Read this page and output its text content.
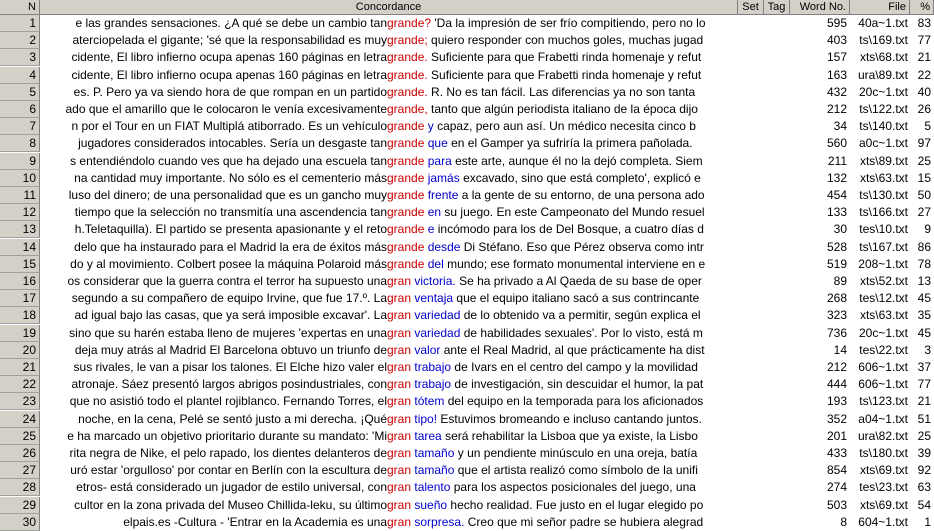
N	Concordance	Set Tag	Word No.	File	%
1	e las grandes sensaciones. ¿A qué se debe un cambio tan grande? 'Da la impresión de ser frío compitiendo, pero no lo	595 40a~1.txt 83
2	aterciopelada el gigante; 'sé que la responsabilidad es muy grande; quiero responder con muchos goles, muchas jugad	403	ts\169.txt 77
3	cidente, El libro infierno ocupa apenas 160 páginas en letra grande. Suficiente para que Frabetti rinda homenaje y refut	157	xts\68.txt 21
4	cidente, El libro infierno ocupa apenas 160 páginas en letra grande. Suficiente para que Frabetti rinda homenaje y refut	163 ura\89.txt 22
5	es. P. Pero ya va siendo hora de que rompan en un partido grande. R. No es tan fácil. Las diferencias ya no son tanta	432 20c~1.txt 40
6	ado que el amarillo que le colocaron le venía excesivamente grande, tanto que algún periodista italiano de la época dijo	212	ts\122.txt 26
7	n por el Tour en un FIAT Multiplá atiborrado. Es un vehículo grande y capaz, pero aun así. Un médico necesita cinco b	34	ts\140.txt	5
8	jugadores considerados intocables. Sería un desgaste tan grande que en el Gamper ya sufriría la primera pañolada.	560 a0c~1.txt 97
9	s entendiéndolo cuando ves que ha dejado una escuela tan grande para este arte, aunque él no la dejó completa. Siem	211	xts\89.txt 25
10	na cantidad muy importante. No sólo es el cementerio más grande jamás excavado, sino que está completo', explicó e	132	xts\63.txt 15
11	luso del dinero; de una personalidad que es un gancho muy grande frente a la gente de su entorno, de una persona ado	454	ts\130.txt 50
12	tiempo que la selección no transmitía una ascendencia tan grande en su juego. En este Campeonato del Mundo resuel	133	ts\166.txt 27
13	h.Teletaquilla). El partido se presenta apasionante y el reto grande e incómodo para los de Del Bosque, a cuatro días d	30	tes\10.txt	9
14	delo que ha instaurado para el Madrid la era de éxitos más grande desde Di Stéfano. Eso que Pérez observa como intr	528	ts\167.txt 86
15	do y al movimiento. Colbert posee la máquina Polaroid más grande del mundo; ese formato monumental interviene en e	519 208~1.txt 78
16	os considerar que la guerra contra el terror ha supuesto una gran victoria. Se ha privado a Al Qaeda de su base de oper	89	xts\52.txt 13
17	segundo a su compañero de equipo Irvine, que fue 17.º. La gran ventaja que el equipo italiano sacó a sus contrincante	268	tes\12.txt 45
18	ad igual bajo las casas, que ya será imposible excavar'. La gran variedad de lo obtenido va a permitir, según explica el	323	xts\63.txt 35
19	sino que su harén estaba lleno de mujeres 'expertas en una gran variedad de habilidades sexuales'. Por lo visto, está m	736 20c~1.txt 45
20	deja muy atrás al Madrid El Barcelona obtuvo un triunfo de gran valor ante el Real Madrid, al que prácticamente ha dist	14	tes\22.txt	3
21	sus rivales, le van a pisar los talones. El Elche hizo valer el gran trabajo de Ivars en el centro del campo y la movilidad	212 606~1.txt 37
22	atronaje. Sáez presentó largos abrigos posindustriales, con gran trabajo de investigación, sin descuidar el humor, la pat	444 606~1.txt 77
23	que no asistió todo el plantel rojiblanco. Fernando Torres, el gran tótem del equipo en la temporada para los aficionados	193	ts\123.txt 21
24	noche, en la cena, Pelé se sentó justo a mi derecha. ¡Qué gran tipo! Estuvimos bromeando e incluso cantando juntos.	352 a04~1.txt 51
25	e ha marcado un objetivo prioritario durante su mandato: 'Mi gran tarea será rehabilitar la Lisboa que ya existe, la Lisbo	201 ura\82.txt 25
26	rita negra de Nike, el pelo rapado, los dientes delanteros de gran tamaño y un pendiente minúsculo en una oreja, batía	433	ts\180.txt 39
27	uró estar 'orgulloso' por contar en Berlín con la escultura de gran tamaño que el artista realizó como símbolo de la unifi	854	xts\69.txt 92
28	etros- está considerado un jugador de estilo universal, con gran talento para los aspectos posicionales del juego, una	274	tes\23.txt 63
29	cultor en la zona privada del Museo Chillida-leku, su último gran sueño hecho realidad. Fue justo en el lugar elegido po	503	xts\69.txt 54
30	elpais.es -Cultura - 'Entrar en la Academia es una gran sorpresa. Creo que mi señor padre se hubiera alegrad	8 604~1.txt	1
